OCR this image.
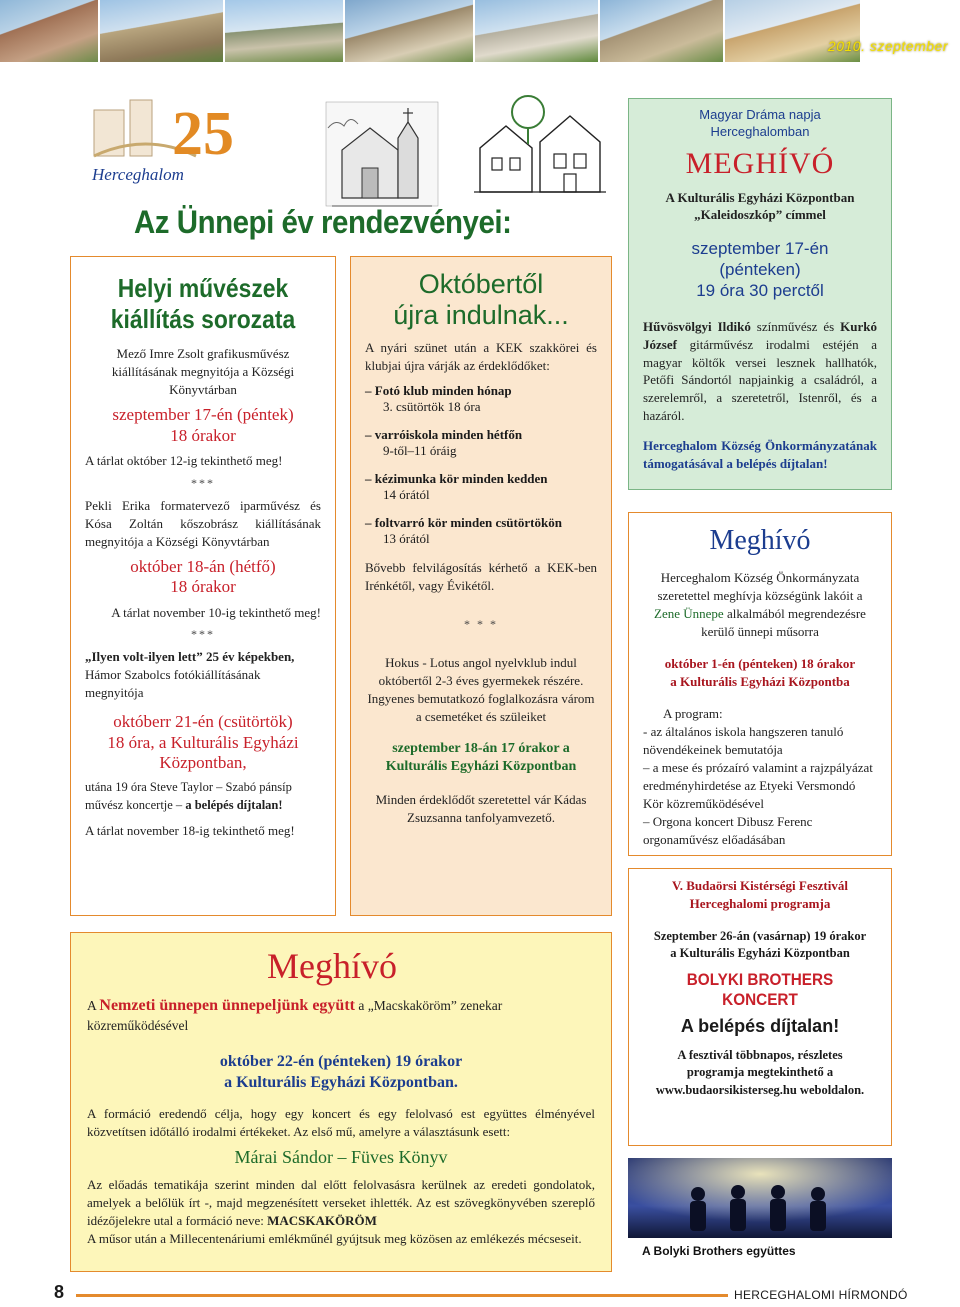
2010. szeptember
25
Herceghalom
Az Ünnepi év rendezvényei:
Helyi művészek
kiállítás sorozata

Mező Imre Zsolt grafikusművész kiállításának megnyitója a Községi Könyvtárban

szeptember 17-én (péntek)
18 órakor

A tárlat október 12-ig tekinthető meg!

***

Pekli Erika formatervező iparművész és Kósa Zoltán kőszobrász kiállításának megnyitója a Községi Könyvtárban

október 18-án (hétfő)
18 órakor

A tárlat november 10-ig tekinthető meg!

***

„Ilyen volt-ilyen lett” 25 év képekben, Hámor Szabolcs fotókiállításának megnyitója

októberr 21-én (csütörtök)
18 óra, a Kulturális Egyházi
Központban,

utána 19 óra Steve Taylor – Szabó pánsíp művész koncertje – a belépés díjtalan!

A tárlat november 18-ig tekinthető meg!

Októbertől
újra indulnak...

A nyári szünet után a KEK szakkörei és klubjai újra várják az érdeklődőket:

– Fotó klub minden hónap
3. csütörtök 18 óra
– varróiskola minden hétfőn
9-től–11 óráig
– kézimunka kör minden kedden
14 órától
– foltvarró kör minden csütörtökön
13 órától

Bővebb felvilágosítás kérhető a KEK-ben Irénkétől, vagy Évikétől.

* * *

Hokus - Lotus angol nyelvklub indul októbertől 2-3 éves gyermekek részére.

Ingyenes bemutatkozó foglalkozásra várom a csemetéket és szüleiket

szeptember 18-án 17 órakor a
Kulturális Egyházi Központban

Minden érdeklődőt szeretettel vár Kádas Zsuzsanna tanfolyamvezető.

Magyar Dráma napja
Herceghalomban
MEGHÍVÓ
A Kulturális Egyházi Központban
„Kaleidoszkóp” címmel
szeptember 17-én
(pénteken)
19 óra 30 perctől

Hűvösvölgyi Ildikó színművész és Kurkó József gitárművész irodalmi estéjén a magyar költők versei lesznek hallhatók, Petőfi Sándortól napjainkig a családról, a szerelemről, a szeretetről, Istenről, és a hazáról.

Herceghalom Község Önkormányzatának támogatásával a belépés díjtalan!

Meghívó

Herceghalom Község Önkormányzata szeretettel meghívja községünk lakóit a Zene Ünnepe alkalmából megrendezésre kerülő ünnepi műsorra

október 1-én (pénteken) 18 órakor
a Kulturális Egyházi Központba

A program:

- az általános iskola hangszeren tanuló növendékeinek bemutatója

– a mese és prózaíró valamint a rajzpályázat eredményhirdetése az Etyeki Versmondó Kör közreműködésével

– Orgona koncert Dibusz Ferenc orgonaművész előadásában

V. Budaörsi Kistérségi Fesztivál
Herceghalomi programja
Szeptember 26-án (vasárnap) 19 órakor
a Kulturális Egyházi Központban
BOLYKI BROTHERS KONCERT
A belépés díjtalan!
A fesztivál többnapos, részletes
programja megtekinthető a
www.budaorsikisterseg.hu weboldalon.
A Bolyki Brothers együttes
Meghívó

A Nemzeti ünnepen ünnepeljünk együtt a „Macskaköröm” zenekar közreműködésével

október 22-én (pénteken) 19 órakor
a Kulturális Egyházi Központban.

A formáció eredendő célja, hogy egy koncert és egy felolvasó est együttes élményével közvetítsen időtálló irodalmi értékeket. Az első mű, amelyre a választásunk esett:

Márai Sándor – Füves Könyv

Az előadás tematikája szerint minden dal előtt felolvasásra kerülnek az eredeti gondolatok, amelyek a belőlük írt -, majd megzenésített verseket ihlették. Az est szövegkönyvében szereplő idézőjelekre utal a formáció neve: MACSKAKÖRÖM

A műsor után a Millecentenáriumi emlékműnél gyújtsuk meg közösen az emlékezés mécseseit.

8	HERCEGHALOMI HÍRMONDÓ
